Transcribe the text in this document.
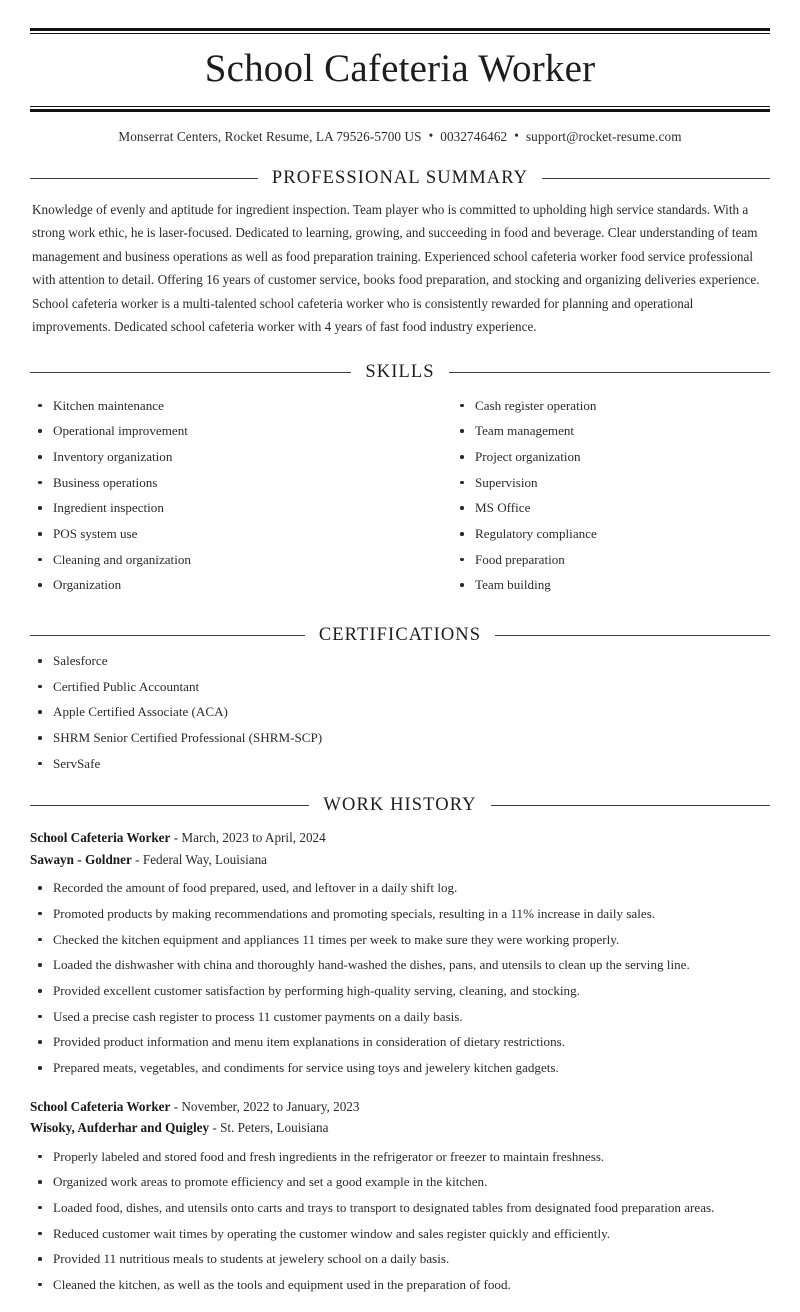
School Cafeteria Worker
Monserrat Centers, Rocket Resume, LA 79526-5700 US • 0032746462 • support@rocket-resume.com
PROFESSIONAL SUMMARY

Knowledge of evenly and aptitude for ingredient inspection. Team player who is committed to upholding high service standards. With a strong work ethic, he is laser-focused. Dedicated to learning, growing, and succeeding in food and beverage. Clear understanding of team management and business operations as well as food preparation training. Experienced school cafeteria worker food service professional with attention to detail. Offering 16 years of customer service, books food preparation, and stocking and organizing deliveries experience. School cafeteria worker is a multi-talented school cafeteria worker who is consistently rewarded for planning and operational improvements. Dedicated school cafeteria worker with 4 years of fast food industry experience.

SKILLS
Kitchen maintenance
Operational improvement
Inventory organization
Business operations
Ingredient inspection
POS system use
Cleaning and organization
Organization
Cash register operation
Team management
Project organization
Supervision
MS Office
Regulatory compliance
Food preparation
Team building
CERTIFICATIONS
Salesforce
Certified Public Accountant
Apple Certified Associate (ACA)
SHRM Senior Certified Professional (SHRM-SCP)
ServSafe
WORK HISTORY
School Cafeteria Worker - March, 2023 to April, 2024
Sawayn - Goldner - Federal Way, Louisiana
Recorded the amount of food prepared, used, and leftover in a daily shift log.
Promoted products by making recommendations and promoting specials, resulting in a 11% increase in daily sales.
Checked the kitchen equipment and appliances 11 times per week to make sure they were working properly.
Loaded the dishwasher with china and thoroughly hand-washed the dishes, pans, and utensils to clean up the serving line.
Provided excellent customer satisfaction by performing high-quality serving, cleaning, and stocking.
Used a precise cash register to process 11 customer payments on a daily basis.
Provided product information and menu item explanations in consideration of dietary restrictions.
Prepared meats, vegetables, and condiments for service using toys and jewelery kitchen gadgets.
School Cafeteria Worker - November, 2022 to January, 2023
Wisoky, Aufderhar and Quigley - St. Peters, Louisiana
Properly labeled and stored food and fresh ingredients in the refrigerator or freezer to maintain freshness.
Organized work areas to promote efficiency and set a good example in the kitchen.
Loaded food, dishes, and utensils onto carts and trays to transport to designated tables from designated food preparation areas.
Reduced customer wait times by operating the customer window and sales register quickly and efficiently.
Provided 11 nutritious meals to students at jewelery school on a daily basis.
Cleaned the kitchen, as well as the tools and equipment used in the preparation of food.
